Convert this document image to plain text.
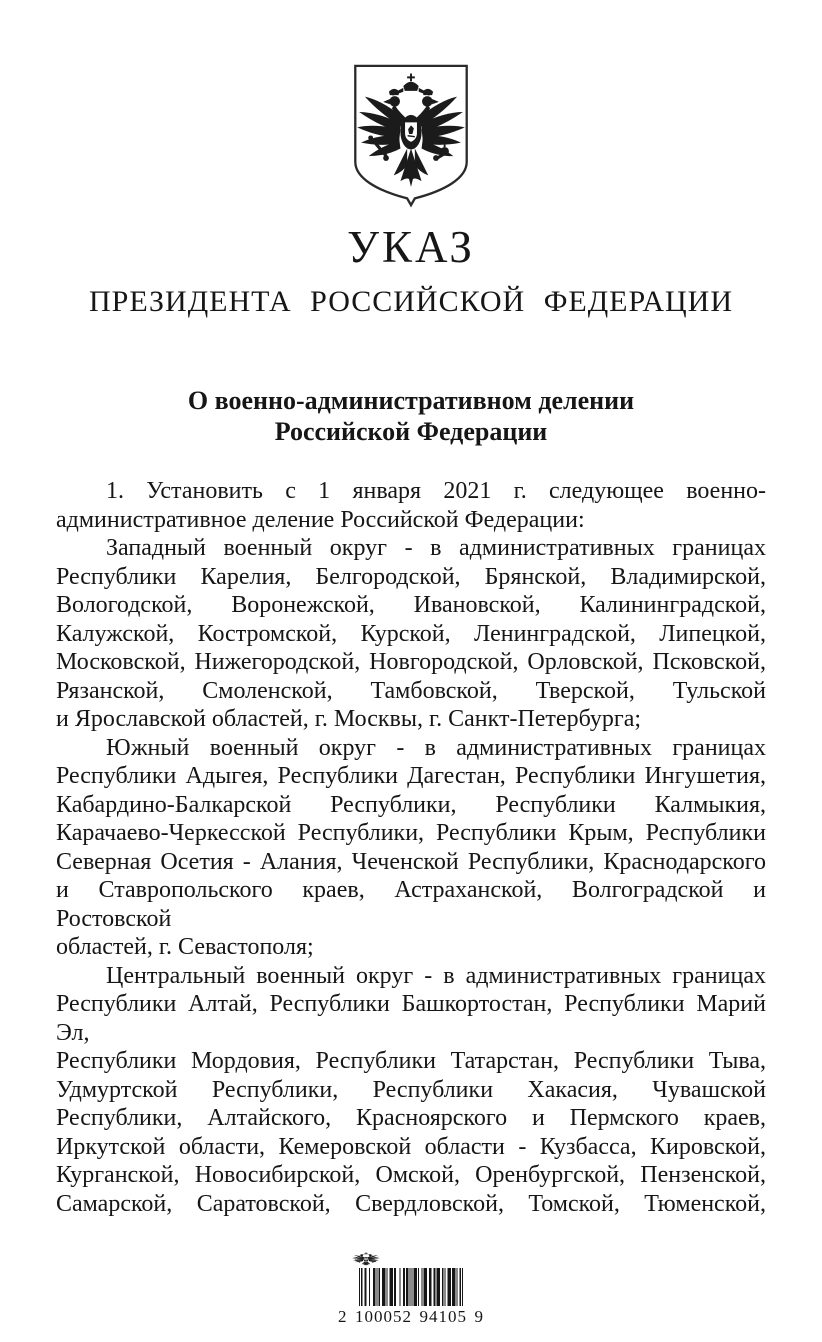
УКАЗ
ПРЕЗИДЕНТА РОССИЙСКОЙ ФЕДЕРАЦИИ
О военно-административном делении
Российской Федерации
1. Установить с 1 января 2021 г. следующее военно-
административное деление Российской Федерации:
Западный военный округ - в административных границах
Республики Карелия, Белгородской, Брянской, Владимирской,
Вологодской, Воронежской, Ивановской, Калининградской,
Калужской, Костромской, Курской, Ленинградской, Липецкой,
Московской, Нижегородской, Новгородской, Орловской, Псковской,
Рязанской, Смоленской, Тамбовской, Тверской, Тульской
и Ярославской областей, г. Москвы, г. Санкт-Петербурга;
Южный военный округ - в административных границах
Республики Адыгея, Республики Дагестан, Республики Ингушетия,
Кабардино-Балкарской Республики, Республики Калмыкия,
Карачаево-Черкесской Республики, Республики Крым, Республики
Северная Осетия - Алания, Чеченской Республики, Краснодарского
и Ставропольского краев, Астраханской, Волгоградской и Ростовской
областей, г. Севастополя;
Центральный военный округ - в административных границах
Республики Алтай, Республики Башкортостан, Республики Марий Эл,
Республики Мордовия, Республики Татарстан, Республики Тыва,
Удмуртской Республики, Республики Хакасия, Чувашской
Республики, Алтайского, Красноярского и Пермского краев,
Иркутской области, Кемеровской области - Кузбасса, Кировской,
Курганской, Новосибирской, Омской, Оренбургской, Пензенской,
Самарской, Саратовской, Свердловской, Томской, Тюменской,
2 100052 94105 9
